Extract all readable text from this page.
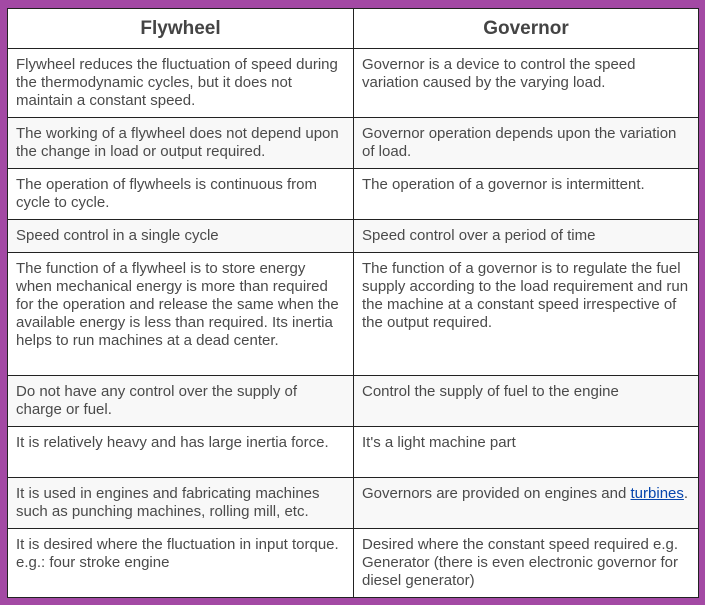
Flywheel	Governor
Flywheel reduces the fluctuation of speed during the thermodynamic cycles, but it does not maintain a constant speed.	Governor is a device to control the speed variation caused by the varying load.
The working of a flywheel does not depend upon the change in load or output required.	Governor operation depends upon the variation of load.
The operation of flywheels is continuous from cycle to cycle.	The operation of a governor is intermittent.
Speed control in a single cycle	Speed control over a period of time
The function of a flywheel is to store energy when mechanical energy is more than required for the operation and release the same when the available energy is less than required. Its inertia helps to run machines at a dead center.	The function of a governor is to regulate the fuel supply according to the load requirement and run the machine at a constant speed irrespective of the output required.
Do not have any control over the supply of charge or fuel.	Control the supply of fuel to the engine
It is relatively heavy and has large inertia force.	It's a light machine part
It is used in engines and fabricating machines such as punching machines, rolling mill, etc.	Governors are provided on engines and turbines.
It is desired where the fluctuation in input torque. e.g.: four stroke engine	Desired where the constant speed required e.g. Generator (there is even electronic governor for diesel generator)
